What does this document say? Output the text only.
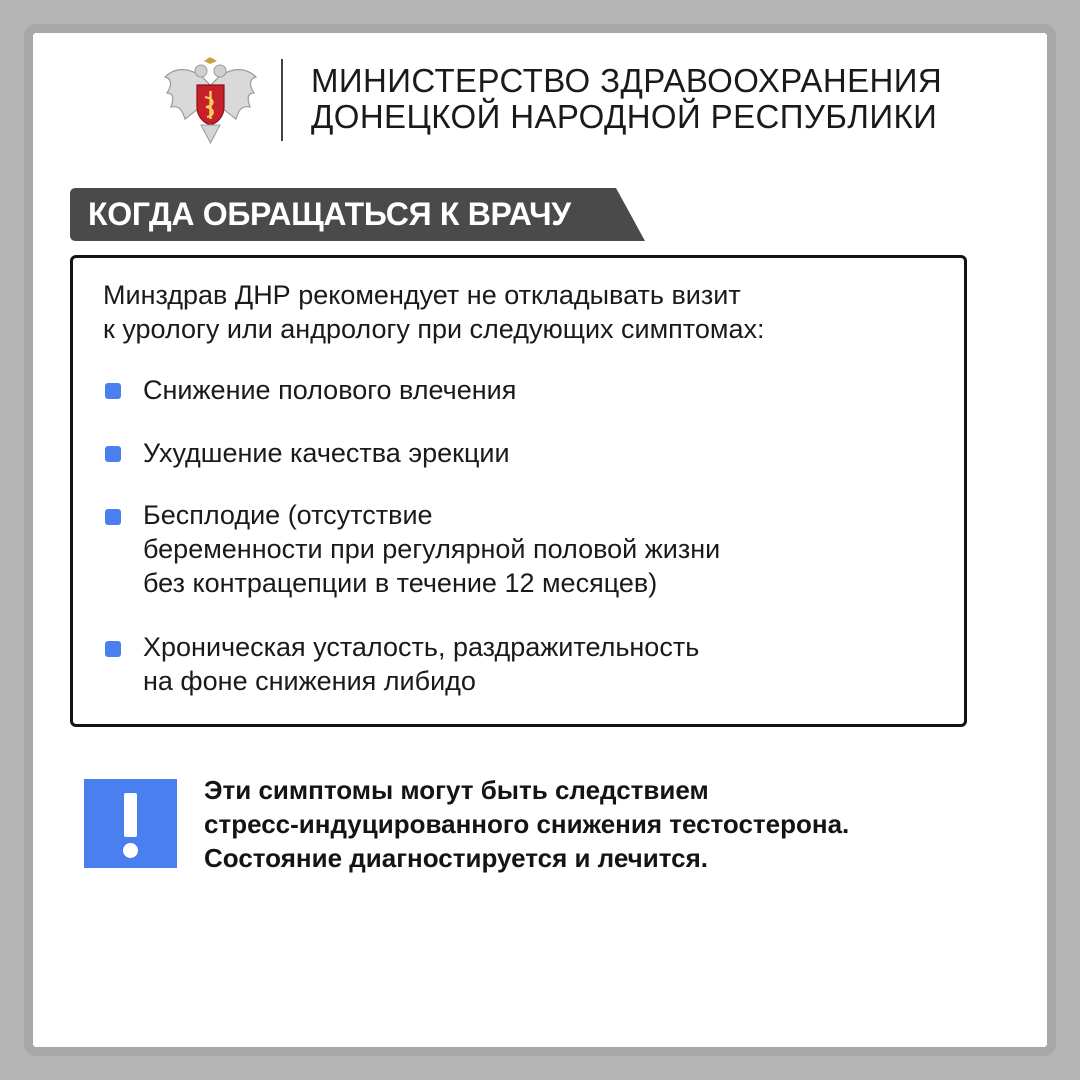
МИНИСТЕРСТВО ЗДРАВООХРАНЕНИЯ
ДОНЕЦКОЙ НАРОДНОЙ РЕСПУБЛИКИ
КОГДА ОБРАЩАТЬСЯ К ВРАЧУ
Минздрав ДНР рекомендует не откладывать визит
к урологу или андрологу при следующих симптомах:
Снижение полового влечения
Ухудшение качества эрекции
Бесплодие (отсутствие
беременности при регулярной половой жизни
без контрацепции в течение 12 месяцев)
Хроническая усталость, раздражительность
на фоне снижения либидо
Эти симптомы могут быть следствием
стресс-индуцированного снижения тестостерона.
Состояние диагностируется и лечится.
